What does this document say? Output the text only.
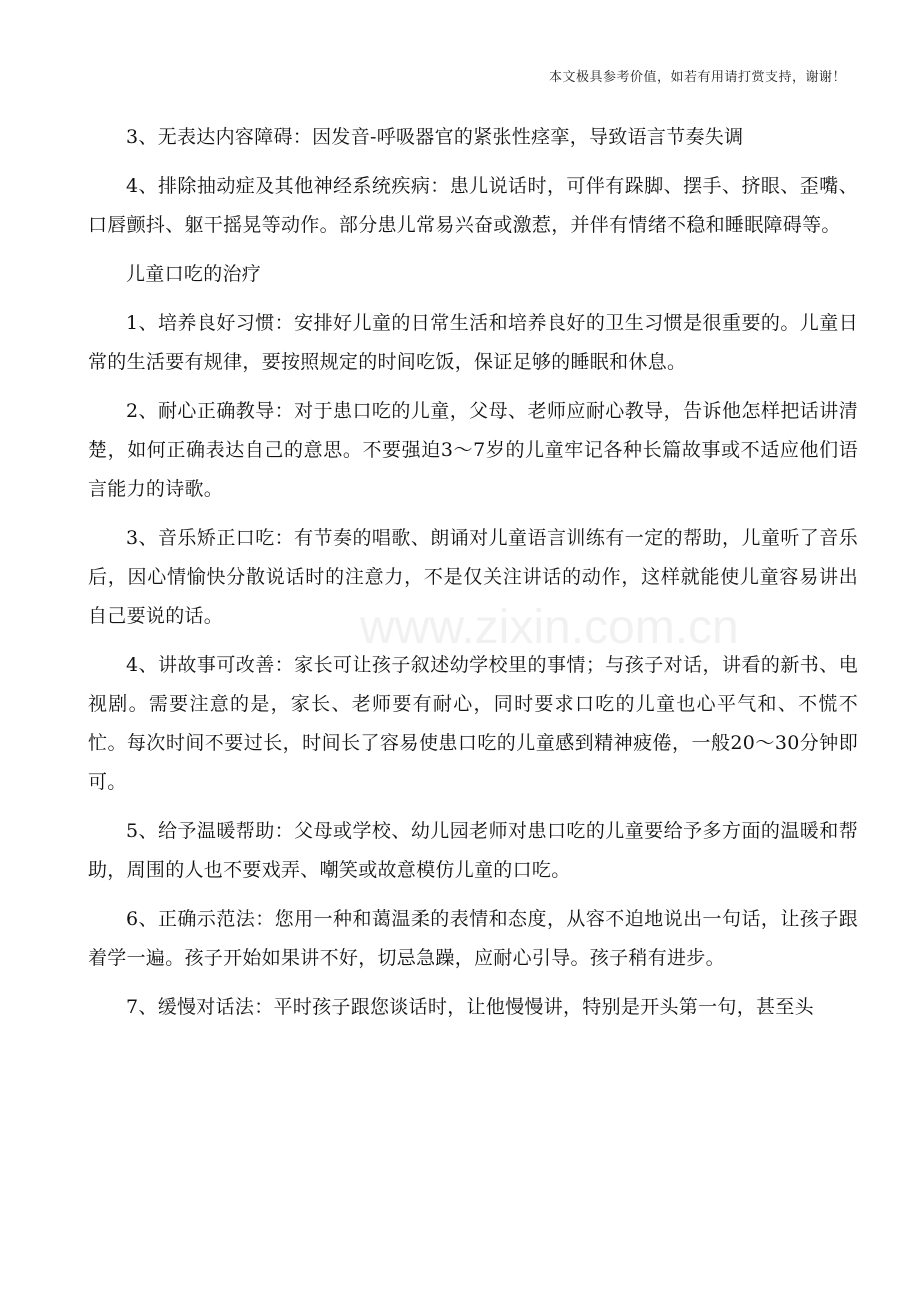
本文极具参考价值，如若有用请打赏支持，谢谢！
www.zixin.com.cn

3、无表达内容障碍：因发音-呼吸器官的紧张性痉挛，导致语言节奏失调

4、排除抽动症及其他神经系统疾病：患儿说话时，可伴有跺脚、摆手、挤眼、歪嘴、口唇颤抖、躯干摇晃等动作。部分患儿常易兴奋或激惹，并伴有情绪不稳和睡眠障碍等。

儿童口吃的治疗

1、培养良好习惯：安排好儿童的日常生活和培养良好的卫生习惯是很重要的。儿童日常的生活要有规律，要按照规定的时间吃饭，保证足够的睡眠和休息。

2、耐心正确教导：对于患口吃的儿童，父母、老师应耐心教导，告诉他怎样把话讲清楚，如何正确表达自己的意思。不要强迫3～7岁的儿童牢记各种长篇故事或不适应他们语言能力的诗歌。

3、音乐矫正口吃：有节奏的唱歌、朗诵对儿童语言训练有一定的帮助，儿童听了音乐后，因心情愉快分散说话时的注意力，不是仅关注讲话的动作，这样就能使儿童容易讲出自己要说的话。

4、讲故事可改善：家长可让孩子叙述幼学校里的事情；与孩子对话，讲看的新书、电视剧。需要注意的是，家长、老师要有耐心，同时要求口吃的儿童也心平气和、不慌不忙。每次时间不要过长，时间长了容易使患口吃的儿童感到精神疲倦，一般20～30分钟即可。

5、给予温暖帮助：父母或学校、幼儿园老师对患口吃的儿童要给予多方面的温暖和帮助，周围的人也不要戏弄、嘲笑或故意模仿儿童的口吃。

6、正确示范法：您用一种和蔼温柔的表情和态度，从容不迫地说出一句话，让孩子跟着学一遍。孩子开始如果讲不好，切忌急躁，应耐心引导。孩子稍有进步。

7、缓慢对话法：平时孩子跟您谈话时，让他慢慢讲，特别是开头第一句，甚至头
